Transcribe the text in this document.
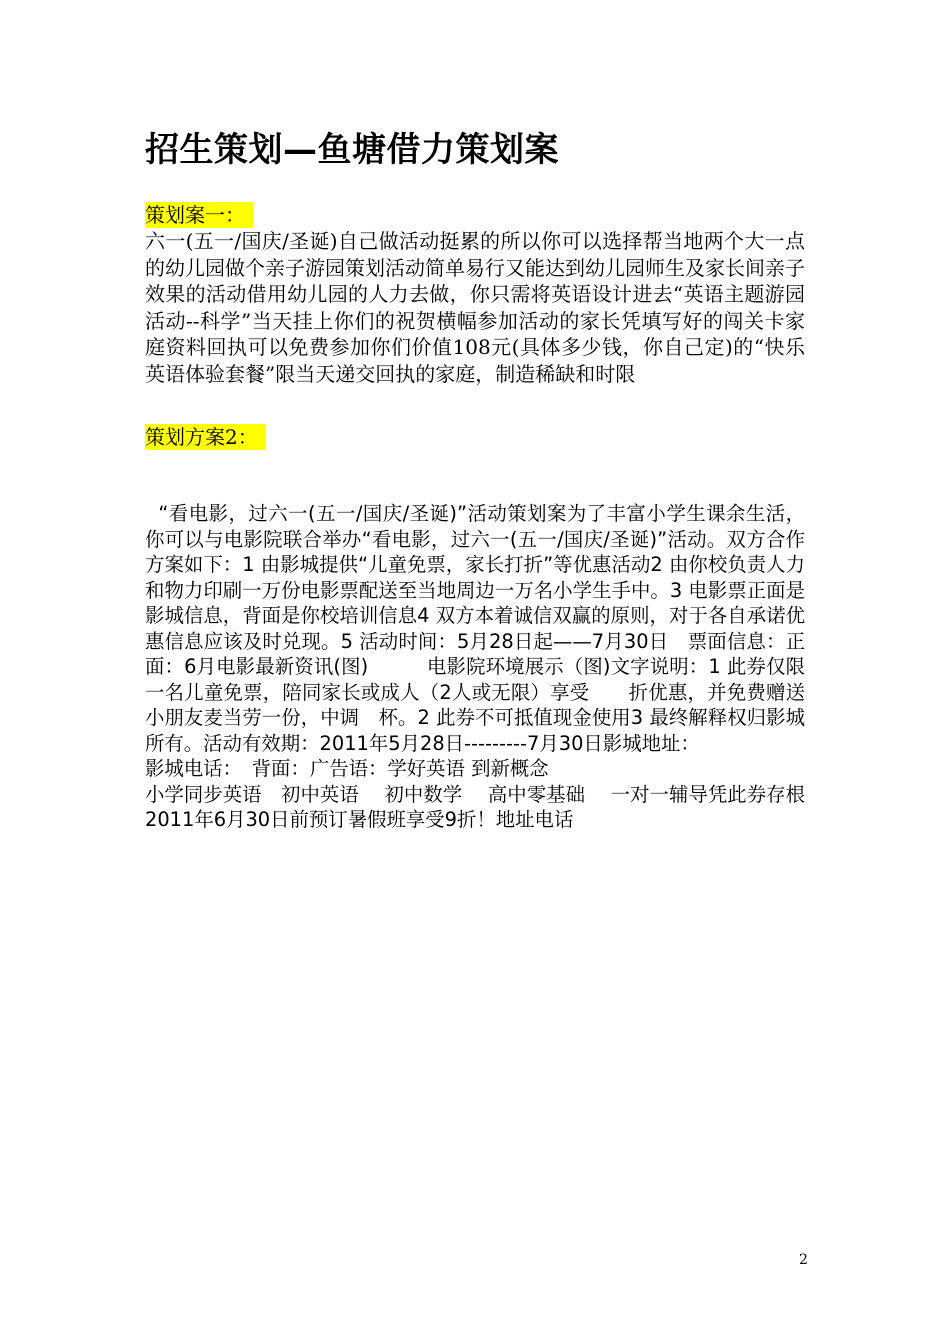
招生策划—鱼塘借力策划案
策划案一：
六一(五一/国庆/圣诞)自己做活动挺累的所以你可以选择帮当地两个大一点的幼儿园做个亲子游园策划活动简单易行又能达到幼儿园师生及家长间亲子效果的活动借用幼儿园的人力去做，你只需将英语设计进去“英语主题游园活动--科学”当天挂上你们的祝贺横幅参加活动的家长凭填写好的闯关卡家庭资料回执可以免费参加你们价值108元(具体多少钱，你自己定)的“快乐英语体验套餐”限当天递交回执的家庭，制造稀缺和时限
策划方案2：

“看电影，过六一(五一/国庆/圣诞)”活动策划案为了丰富小学生课余生活，你可以与电影院联合举办“看电影，过六一(五一/国庆/圣诞)”活动。双方合作方案如下：1 由影城提供“儿童免票，家长打折”等优惠活动2 由你校负责人力和物力印刷一万份电影票配送至当地周边一万名小学生手中。3 电影票正面是影城信息，背面是你校培训信息4 双方本着诚信双赢的原则，对于各自承诺优惠信息应该及时兑现。5 活动时间：5月28日起——7月30日　票面信息：正面：6月电影最新资讯(图)　　　电影院环境展示（图)文字说明：1 此券仅限一名儿童免票，陪同家长或成人（2人或无限）享受　　折优惠，并免费赠送小朋友麦当劳一份，中调　杯。2 此券不可抵值现金使用3 最终解释权归影城所有。活动有效期：2011年5月28日---------7月30日影城地址：
影城电话：　背面：广告语：学好英语 到新概念
小学同步英语　初中英语　 初中数学　 高中零基础　 一对一辅导凭此券存根2011年6月30日前预订暑假班享受9折！地址电话

2
